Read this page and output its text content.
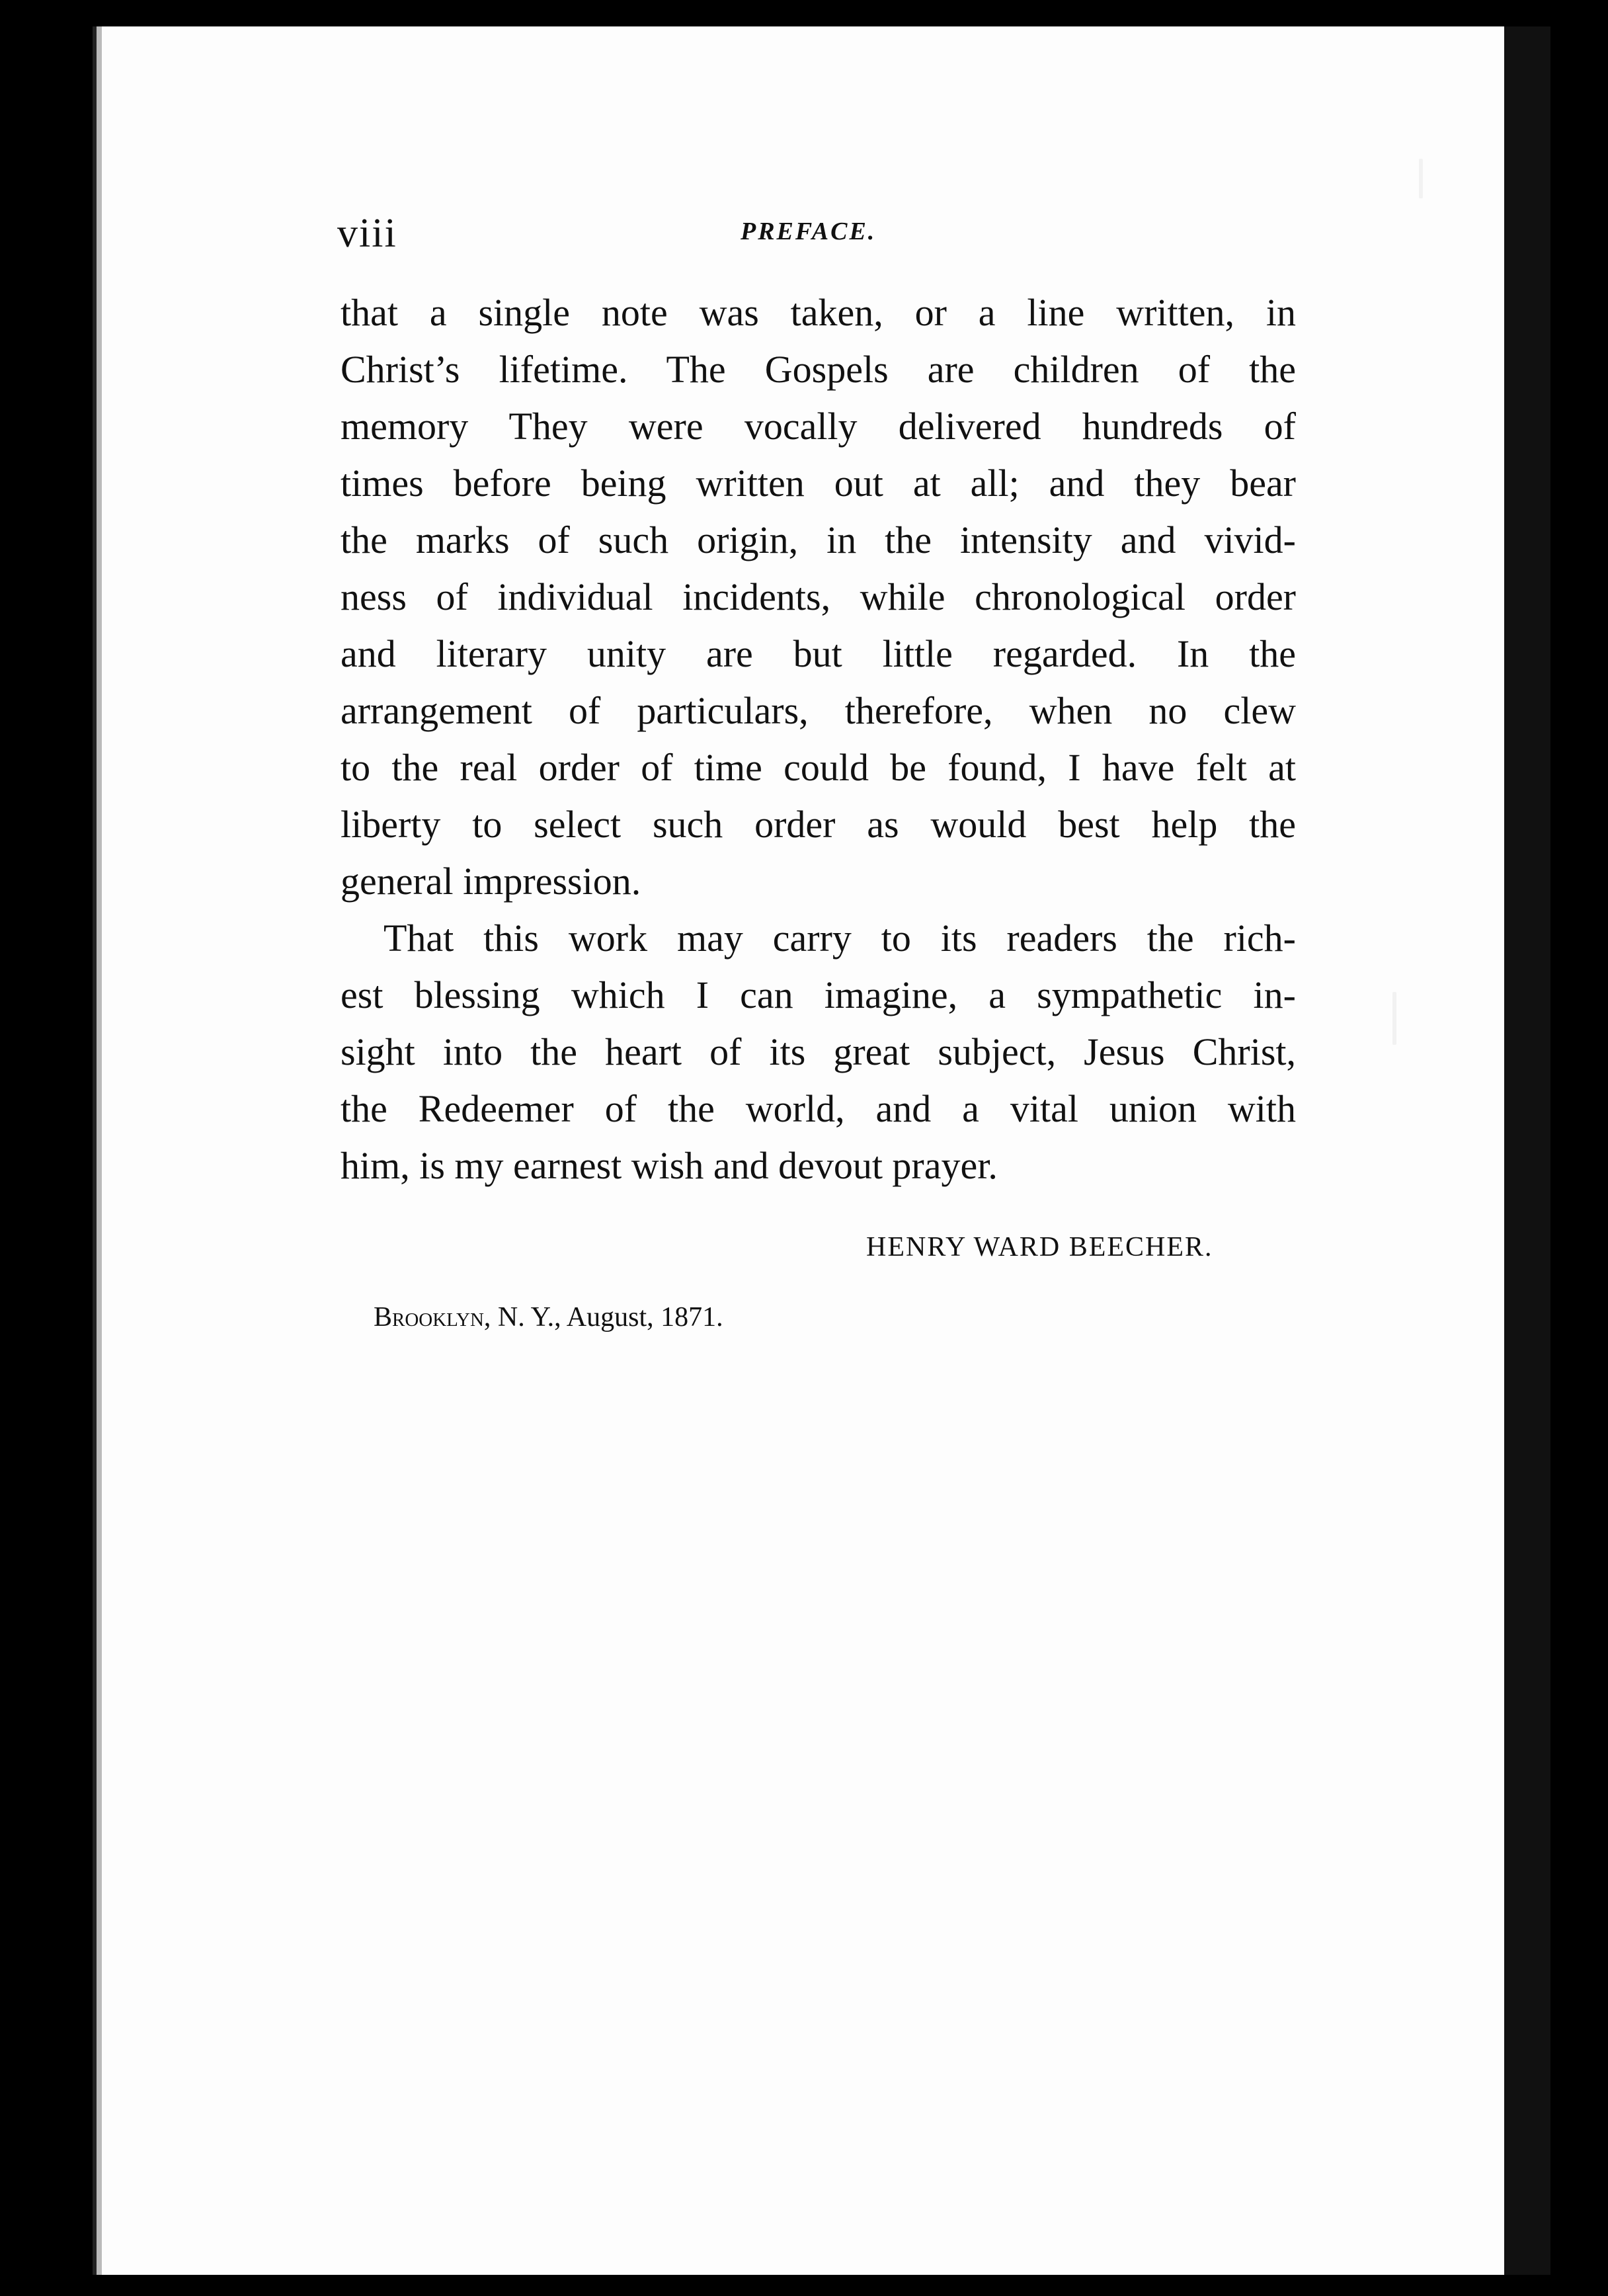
viii	PREFACE.
that a single note was taken, or a line written, in
Christ’s lifetime. The Gospels are children of the
memory They were vocally delivered hundreds of
times before being written out at all; and they bear
the marks of such origin, in the intensity and vivid-
ness of individual incidents, while chronological order
and literary unity are but little regarded. In the
arrangement of particulars, therefore, when no clew
to the real order of time could be found, I have felt at
liberty to select such order as would best help the
general impression.
That this work may carry to its readers the rich-
est blessing which I can imagine, a sympathetic in-
sight into the heart of its great subject, Jesus Christ,
the Redeemer of the world, and a vital union with
him, is my earnest wish and devout prayer.
HENRY WARD BEECHER.
Brooklyn, N. Y., August, 1871.
